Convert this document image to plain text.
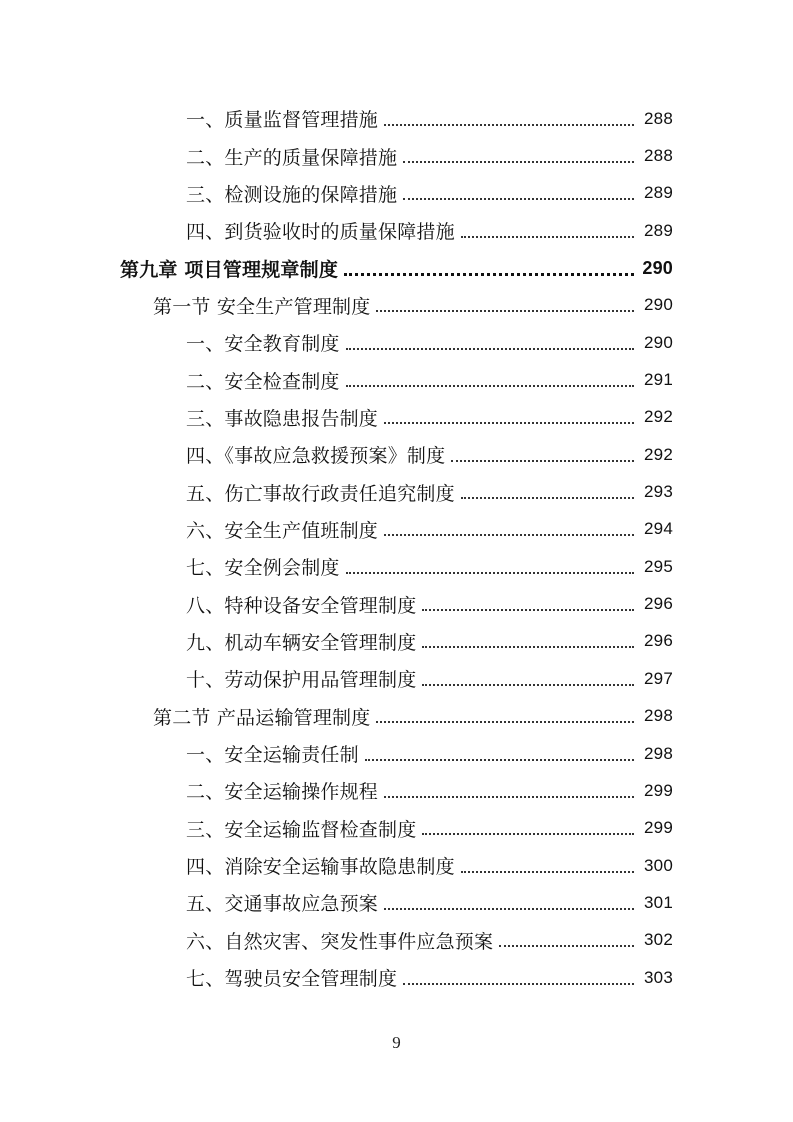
一、质量监督管理措施	288
二、生产的质量保障措施	288
三、检测设施的保障措施	289
四、到货验收时的质量保障措施	289
第九章 项目管理规章制度	290
第一节 安全生产管理制度	290
一、安全教育制度	290
二、安全检查制度	291
三、事故隐患报告制度	292
四、《事故应急救援预案》制度	292
五、伤亡事故行政责任追究制度	293
六、安全生产值班制度	294
七、安全例会制度	295
八、特种设备安全管理制度	296
九、机动车辆安全管理制度	296
十、劳动保护用品管理制度	297
第二节 产品运输管理制度	298
一、安全运输责任制	298
二、安全运输操作规程	299
三、安全运输监督检查制度	299
四、消除安全运输事故隐患制度	300
五、交通事故应急预案	301
六、自然灾害、突发性事件应急预案	302
七、驾驶员安全管理制度	303
9
